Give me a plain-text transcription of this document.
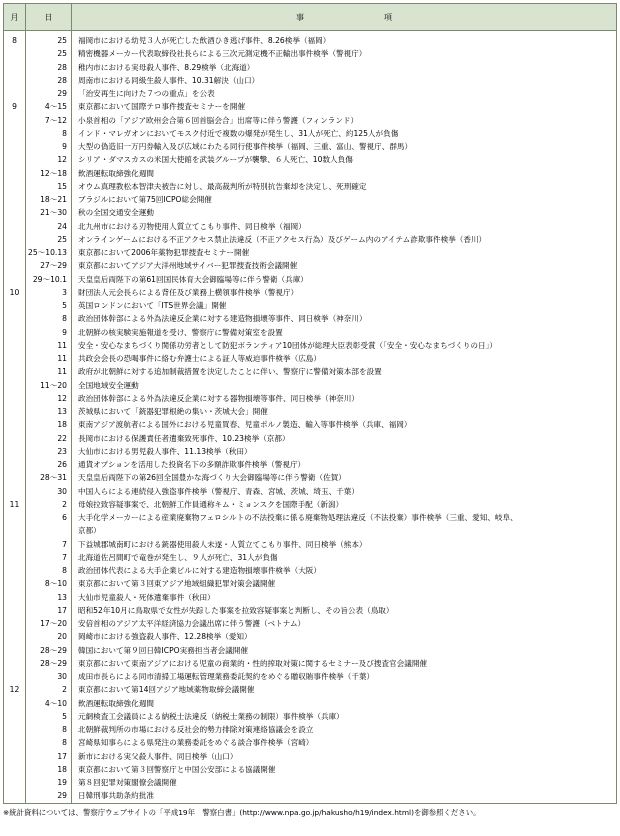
月	日	事　　　　　　　　　　項
8	25	福岡市における幼児３人が死亡した飲酒ひき逃げ事件、8.26検挙（福岡）
	25	精密機器メーカー代表取締役社長らによる三次元測定機不正輸出事件検挙（警視庁）
	28	稚内市における実母殺人事件、8.29検挙（北海道）
	28	周南市における同級生殺人事件、10.31解決（山口）
	29	「治安再生に向けた７つの重点」を公表
9	4～15	東京都において国際テロ事件捜査セミナーを開催
	7～12	小泉首相の「アジア欧州会合第６回首脳会合」出席等に伴う警護（フィンランド）
	8	インド・マレガオンにおいてモスク付近で複数の爆発が発生し、31人が死亡、約125人が負傷
	9	大型の偽造旧一万円券輸入及び広域にわたる同行使事件検挙（福岡、三重、富山、警視庁、群馬）
	12	シリア・ダマスカスの米国大使館を武装グループが襲撃、６人死亡、10数人負傷
	12～18	飲酒運転取締強化週間
	15	オウム真理教松本智津夫被告に対し、最高裁判所が特別抗告棄却を決定し、死刑確定
	18～21	ブラジルにおいて第75回ICPO総会開催
	21～30	秋の全国交通安全運動
	24	北九州市における刃物使用人質立てこもり事件、同日検挙（福岡）
	25	オンラインゲームにおける不正アクセス禁止法違反（不正アクセス行為）及びゲーム内のアイテム詐欺事件検挙（香川）
	25～10.13	東京都において2006年薬物犯罪捜査セミナー開催
	27～29	東京都においてアジア大洋州地域サイバー犯罪捜査技術会議開催
	29～10.1	天皇皇后両陛下の第61回国民体育大会御臨場等に伴う警衛（兵庫）
10	3	財団法人元会長らによる背任及び業務上横領事件検挙（警視庁）
	5	英国ロンドンにおいて「ITS世界会議」開催
	8	政治団体幹部による外為法違反企業に対する建造物損壊等事件、同日検挙（神奈川）
	9	北朝鮮の核実験実施報道を受け、警察庁に警備対策室を設置
	11	安全・安心なまちづくり関係功労者として防犯ボランティア10団体が総理大臣表彰受賞（「安全・安心なまちづくりの日」）
	11	共政会会長の恐喝事件に絡む弁護士による証人等威迫事件検挙（広島）
	11	政府が北朝鮮に対する追加制裁措置を決定したことに伴い、警察庁に警備対策本部を設置
	11～20	全国地域安全運動
	12	政治団体幹部による外為法違反企業に対する器物損壊等事件、同日検挙（神奈川）
	13	茨城県において「銃器犯罪根絶の集い・茨城大会」開催
	18	東南アジア渡航者による国外における児童買春、児童ポルノ製造、輸入等事件検挙（兵庫、福岡）
	22	長岡市における保護責任者遺棄致死事件、10.23検挙（京都）
	23	大仙市における男児殺人事件、11.13検挙（秋田）
	26	通貨オプションを活用した投資名下の多額詐欺事件検挙（警視庁）
	28～31	天皇皇后両陛下の第26回全国豊かな海づくり大会御臨場等に伴う警衛（佐賀）
	30	中国人らによる連続侵入強盗事件検挙（警視庁、青森、宮城、茨城、埼玉、千葉）
11	2	母娘拉致容疑事案で、北朝鮮工作員通称キム・ミョンスクを国際手配（新潟）
	6	大手化学メーカーによる産業廃棄物フェロシルトの不法投棄に係る廃棄物処理法違反（不法投棄）事件検挙（三重、愛知、岐阜、
		京都）
	7	下益城郡城南町における銃器使用殺人未遂・人質立てこもり事件、同日検挙（熊本）
	7	北海道佐呂間町で竜巻が発生し、９人が死亡、31人が負傷
	8	政治団体代表による大手企業ビルに対する建造物損壊事件検挙（大阪）
	8～10	東京都において第３回東アジア地域組織犯罪対策会議開催
	13	大仙市児童殺人・死体遺棄事件（秋田）
	17	昭和52年10月に鳥取県で女性が失踪した事案を拉致容疑事案と判断し、その旨公表（鳥取）
	17～20	安倍首相のアジア太平洋経済協力会議出席に伴う警護（ベトナム）
	20	岡崎市における強盗殺人事件、12.28検挙（愛知）
	28～29	韓国において第９回日韓ICPO実務担当者会議開催
	28～29	東京都において東南アジアにおける児童の商業的・性的搾取対策に関するセミナー及び捜査官会議開催
	30	成田市長らによる同市清掃工場運転管理業務委託契約をめぐる贈収賄事件検挙（千葉）
12	2	東京都において第14回アジア地域薬物取締会議開催
	4～10	飲酒運転取締強化週間
	5	元網検査工会議員による納税士法違反（納税士業務の制限）事件検挙（兵庫）
	8	北朝鮮裁判所の市場における反社会的勢力排除対策連絡協議会を設立
	8	宮崎県知事らによる県発注の業務委託をめぐる談合事件検挙（宮崎）
	17	新市における実父殺人事件、同日検挙（山口）
	18	東京都において第３回警察庁と中国公安部による協議開催
	19	第８回犯罪対策閣僚会議開催
	29	日韓刑事共助条約批准
※統計資料については、警察庁ウェブサイトの「平成19年　警察白書」(http://www.npa.go.jp/hakusho/h19/index.html)を御参照ください。
